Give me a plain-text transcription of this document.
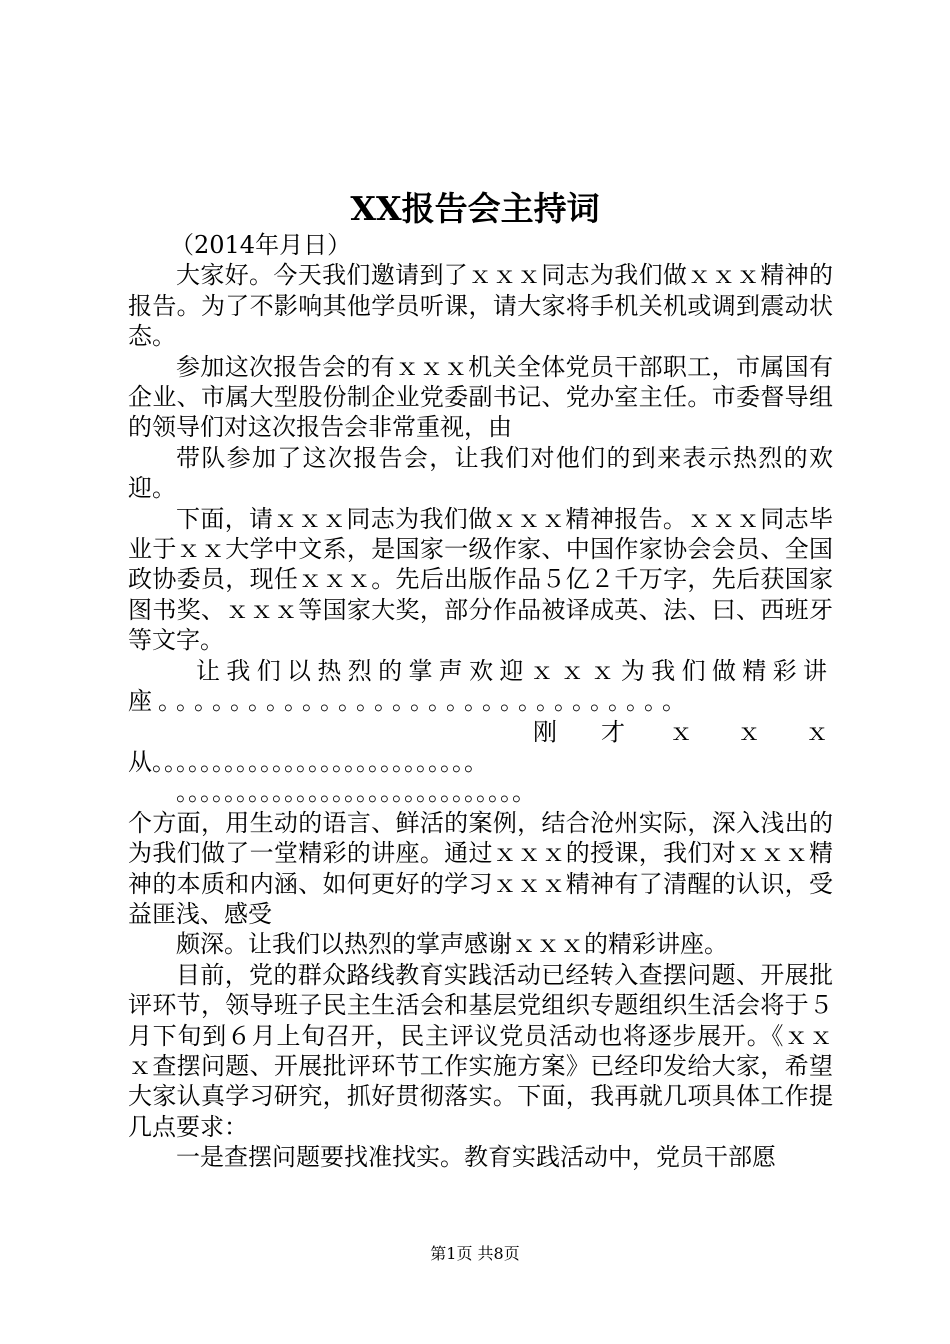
XX报告会主持词

（2014年月日）

大家好。今天我们邀请到了ｘｘｘ同志为我们做ｘｘｘ精神的报告。为了不影响其他学员听课，请大家将手机关机或调到震动状态。

参加这次报告会的有ｘｘｘ机关全体党员干部职工，市属国有企业、市属大型股份制企业党委副书记、党办室主任。市委督导组的领导们对这次报告会非常重视，由

带队参加了这次报告会，让我们对他们的到来表示热烈的欢迎。

下面，请ｘｘｘ同志为我们做ｘｘｘ精神报告。ｘｘｘ同志毕业于ｘｘ大学中文系，是国家一级作家、中国作家协会会员、全国政协委员，现任ｘｘｘ。先后出版作品５亿２千万字，先后获国家图书奖、ｘｘｘ等国家大奖，部分作品被译成英、法、曰、西班牙等文字。

让我们以热烈的掌声欢迎ｘｘｘ为我们做精彩讲座。。。。。。。。。。。。。。。。。。。。。。。。。。。。。

刚才ｘｘｘ

从。。。。。。。。。。。。。。。。。。。。。。。。。。。

。。。。。。。。。。。。。。。。。。。。。。。。。。。。。

个方面，用生动的语言、鲜活的案例，结合沧州实际，深入浅出的为我们做了一堂精彩的讲座。通过ｘｘｘ的授课，我们对ｘｘｘ精神的本质和内涵、如何更好的学习ｘｘｘ精神有了清醒的认识，受益匪浅、感受

颇深。让我们以热烈的掌声感谢ｘｘｘ的精彩讲座。

目前，党的群众路线教育实践活动已经转入查摆问题、开展批评环节，领导班子民主生活会和基层党组织专题组织生活会将于５月下旬到６月上旬召开，民主评议党员活动也将逐步展开。《ｘｘｘ查摆问题、开展批评环节工作实施方案》已经印发给大家，希望大家认真学习研究，抓好贯彻落实。下面，我再就几项具体工作提几点要求：

一是查摆问题要找准找实。教育实践活动中，党员干部愿

第1页 共8页
